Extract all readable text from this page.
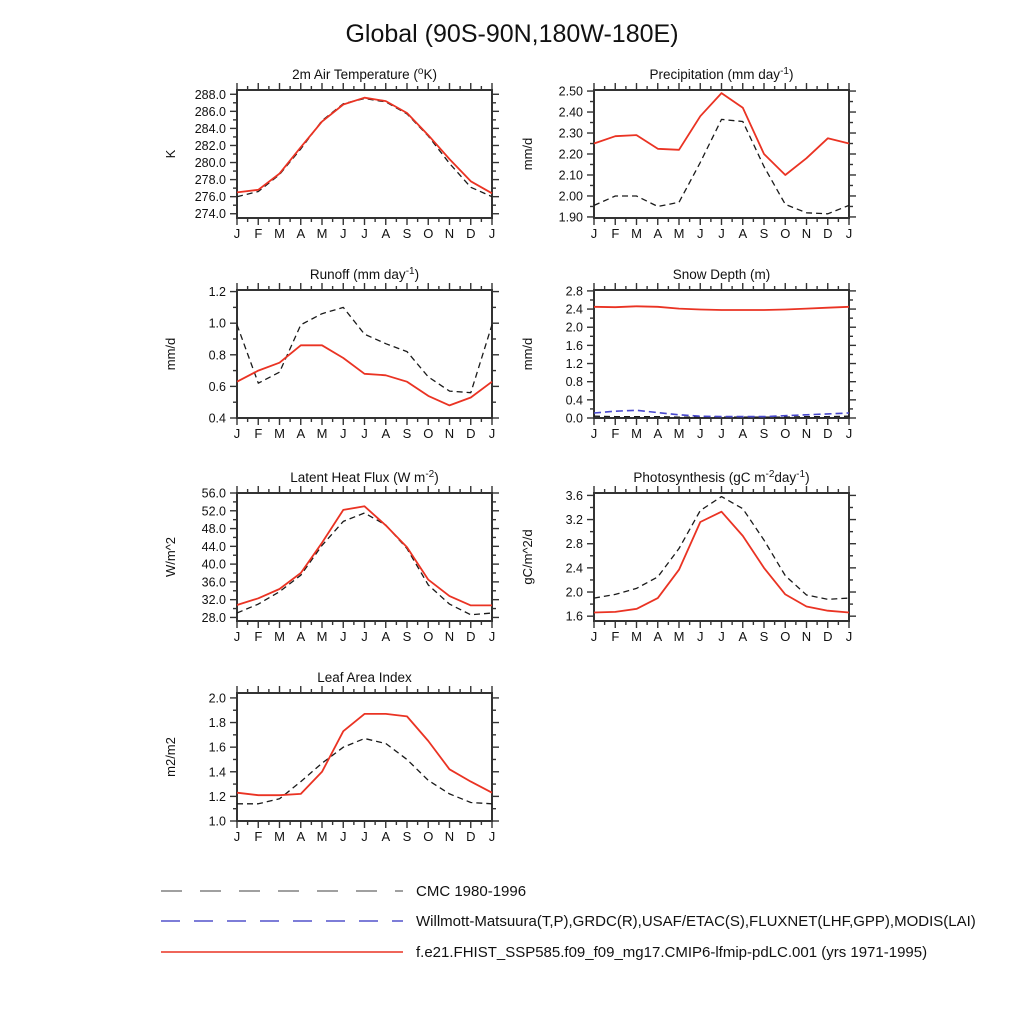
Global (90S-90N,180W-180E)
274.0
276.0
278.0
280.0
282.0
284.0
286.0
288.0
J F M A M J J A S O N D J
2m Air Temperature ($^o$K)
K
1.90
2.00
2.10
2.20
2.30
2.40
2.50
J F M A M J J A S O N D J
Precipitation (mm day$^{-1}$)
mm/d
0.4
0.6
0.8
1.0
1.2
J F M A M J J A S O N D J
Runoff (mm day$^{-1}$)
mm/d
0.0
0.4
0.8
1.2
1.6
2.0
2.4
2.8
J F M A M J J A S O N D J
Snow Depth (m)
mm/d
28.0
32.0
36.0
40.0
44.0
48.0
52.0
56.0
J F M A M J J A S O N D J
Latent Heat Flux (W $m^{-2}$)
W/m^2
1.6
2.0
2.4
2.8
3.2
3.6
J F M A M J J A S O N D J
Photosynthesis (gC $m^{-2}day^{-1}$)
gC/m^2/d
1.0
1.2
1.4
1.6
1.8
2.0
J F M A M J J A S O N D J
Leaf Area Index
m2/m2
CMC 1980-1996
Willmott-Matsuura(T,P),GRDC(R),USAF/ETAC(S),FLUXNET(LHF,GPP),MODIS(LAI)
f.e21.FHIST_SSP585.f09_f09_mg17.CMIP6-lfmip-pdLC.001 (yrs 1971-1995)
